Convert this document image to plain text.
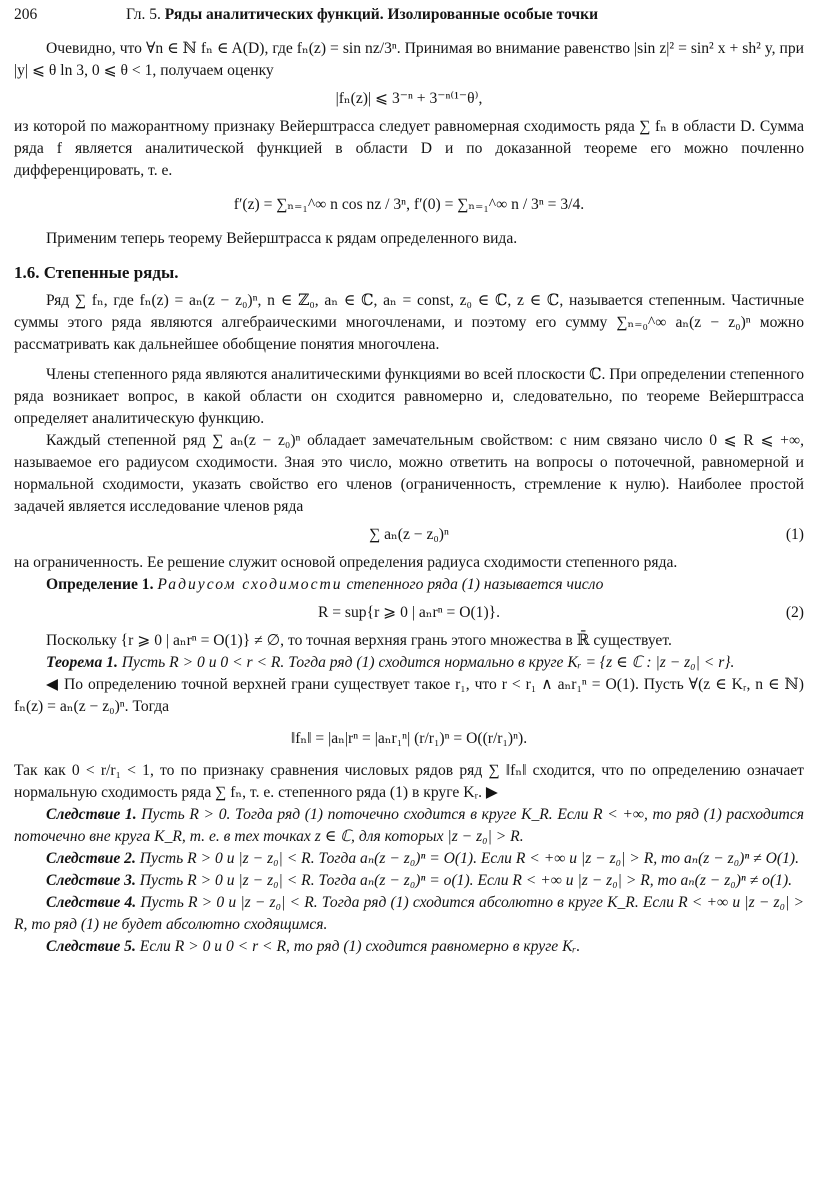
206	Гл. 5. Ряды аналитических функций. Изолированные особые точки

Очевидно, что ∀n ∈ ℕ fₙ ∈ A(D), где fₙ(z) = sin nz/3ⁿ. Принимая во внимание равенство |sin z|² = sin² x + sh² y, при |y| ⩽ θ ln 3, 0 ⩽ θ < 1, получаем оценку

|fₙ(z)| ⩽ 3⁻ⁿ + 3⁻ⁿ⁽¹⁻θ⁾,

из которой по мажорантному признаку Вейерштрасса следует равномерная сходимость ряда ∑ fₙ в области D. Сумма ряда f является аналитической функцией в области D и по доказанной теореме его можно почленно дифференцировать, т. е.

f′(z) = ∑ₙ₌₁^∞ n cos nz / 3ⁿ, f′(0) = ∑ₙ₌₁^∞ n / 3ⁿ = 3/4.

Применим теперь теорему Вейерштрасса к рядам определенного вида.

1.6. Степенные ряды.

Ряд ∑ fₙ, где fₙ(z) = aₙ(z − z₀)ⁿ, n ∈ ℤ₀, aₙ ∈ ℂ, aₙ = const, z₀ ∈ ℂ, z ∈ ℂ, называется степенным. Частичные суммы этого ряда являются алгебраическими многочленами, и поэтому его сумму ∑ₙ₌₀^∞ aₙ(z − z₀)ⁿ можно рассматривать как дальнейшее обобщение понятия многочлена.

Члены степенного ряда являются аналитическими функциями во всей плоскости ℂ. При определении степенного ряда возникает вопрос, в какой области он сходится равномерно и, следовательно, по теореме Вейерштрасса определяет аналитическую функцию.

Каждый степенной ряд ∑ aₙ(z − z₀)ⁿ обладает замечательным свойством: с ним связано число 0 ⩽ R ⩽ +∞, называемое его радиусом сходимости. Зная это число, можно ответить на вопросы о поточечной, равномерной и нормальной сходимости, указать свойство его членов (ограниченность, стремление к нулю). Наиболее простой задачей является исследование членов ряда

∑ aₙ(z − z₀)ⁿ	(1)

на ограниченность. Ее решение служит основой определения радиуса сходимости степенного ряда.

Определение 1. Радиусом сходимости степенного ряда (1) называется число

R = sup{r ⩾ 0 | aₙrⁿ = O(1)}.	(2)

Поскольку {r ⩾ 0 | aₙrⁿ = O(1)} ≠ ∅, то точная верхняя грань этого множества в ℝ̄ существует.

Теорема 1. Пусть R > 0 и 0 < r < R. Тогда ряд (1) сходится нормально в круге Kᵣ = {z ∈ ℂ : |z − z₀| < r}.

◀ По определению точной верхней грани существует такое r₁, что r < r₁ ∧ aₙr₁ⁿ = O(1). Пусть ∀(z ∈ Kᵣ, n ∈ ℕ) fₙ(z) = aₙ(z − z₀)ⁿ. Тогда

‖fₙ‖ = |aₙ|rⁿ = |aₙr₁ⁿ| (r/r₁)ⁿ = O((r/r₁)ⁿ).

Так как 0 < r/r₁ < 1, то по признаку сравнения числовых рядов ряд ∑ ‖fₙ‖ сходится, что по определению означает нормальную сходимость ряда ∑ fₙ, т. е. степенного ряда (1) в круге Kᵣ. ▶

Следствие 1. Пусть R > 0. Тогда ряд (1) поточечно сходится в круге K_R. Если R < +∞, то ряд (1) расходится поточечно вне круга K_R, т. е. в тех точках z ∈ ℂ, для которых |z − z₀| > R.

Следствие 2. Пусть R > 0 и |z − z₀| < R. Тогда aₙ(z − z₀)ⁿ = O(1). Если R < +∞ и |z − z₀| > R, то aₙ(z − z₀)ⁿ ≠ O(1).

Следствие 3. Пусть R > 0 и |z − z₀| < R. Тогда aₙ(z − z₀)ⁿ = o(1). Если R < +∞ и |z − z₀| > R, то aₙ(z − z₀)ⁿ ≠ o(1).

Следствие 4. Пусть R > 0 и |z − z₀| < R. Тогда ряд (1) сходится абсолютно в круге K_R. Если R < +∞ и |z − z₀| > R, то ряд (1) не будет абсолютно сходящимся.

Следствие 5. Если R > 0 и 0 < r < R, то ряд (1) сходится равномерно в круге Kᵣ.
